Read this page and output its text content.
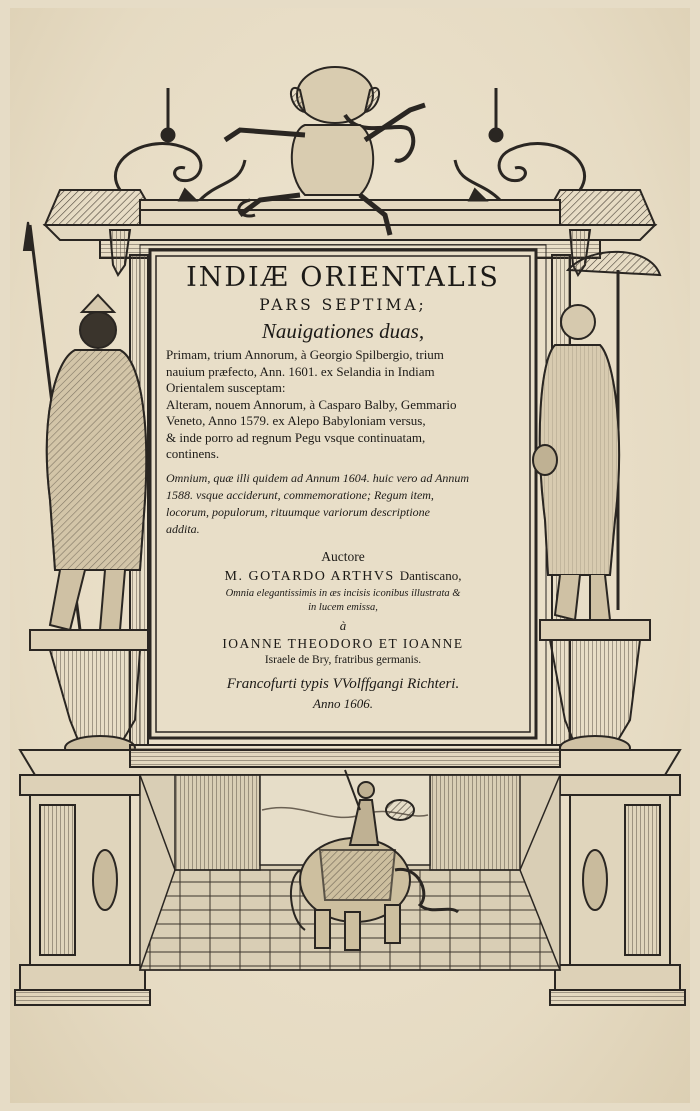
INDIÆ ORIENTALIS
PARS SEPTIMA;
Nauigationes duas,
Primam, trium Annorum, à Georgio Spilbergio, trium
nauium præfecto, Ann. 1601. ex Selandia in Indiam
Orientalem susceptam:
Alteram, nouem Annorum, à Casparo Balby, Gemmario
Veneto, Anno 1579. ex Alepo Babyloniam versus,
& inde porro ad regnum Pegu vsque continuatam,
continens.
Omnium, quæ illi quidem ad Annum 1604. huic vero ad Annum
1588. vsque acciderunt, commemoratione; Regum item,
locorum, populorum, rituumque variorum descriptione
addita.
Auctore
M. GOTARDO ARTHVS Dantiscano,
Omnia elegantissimis in æs incisis iconibus illustrata &
in lucem emissa,
à
IOANNE THEODORO ET IOANNE
Israele de Bry, fratribus germanis.
Francofurti typis VVolffgangi Richteri.
Anno 1606.
